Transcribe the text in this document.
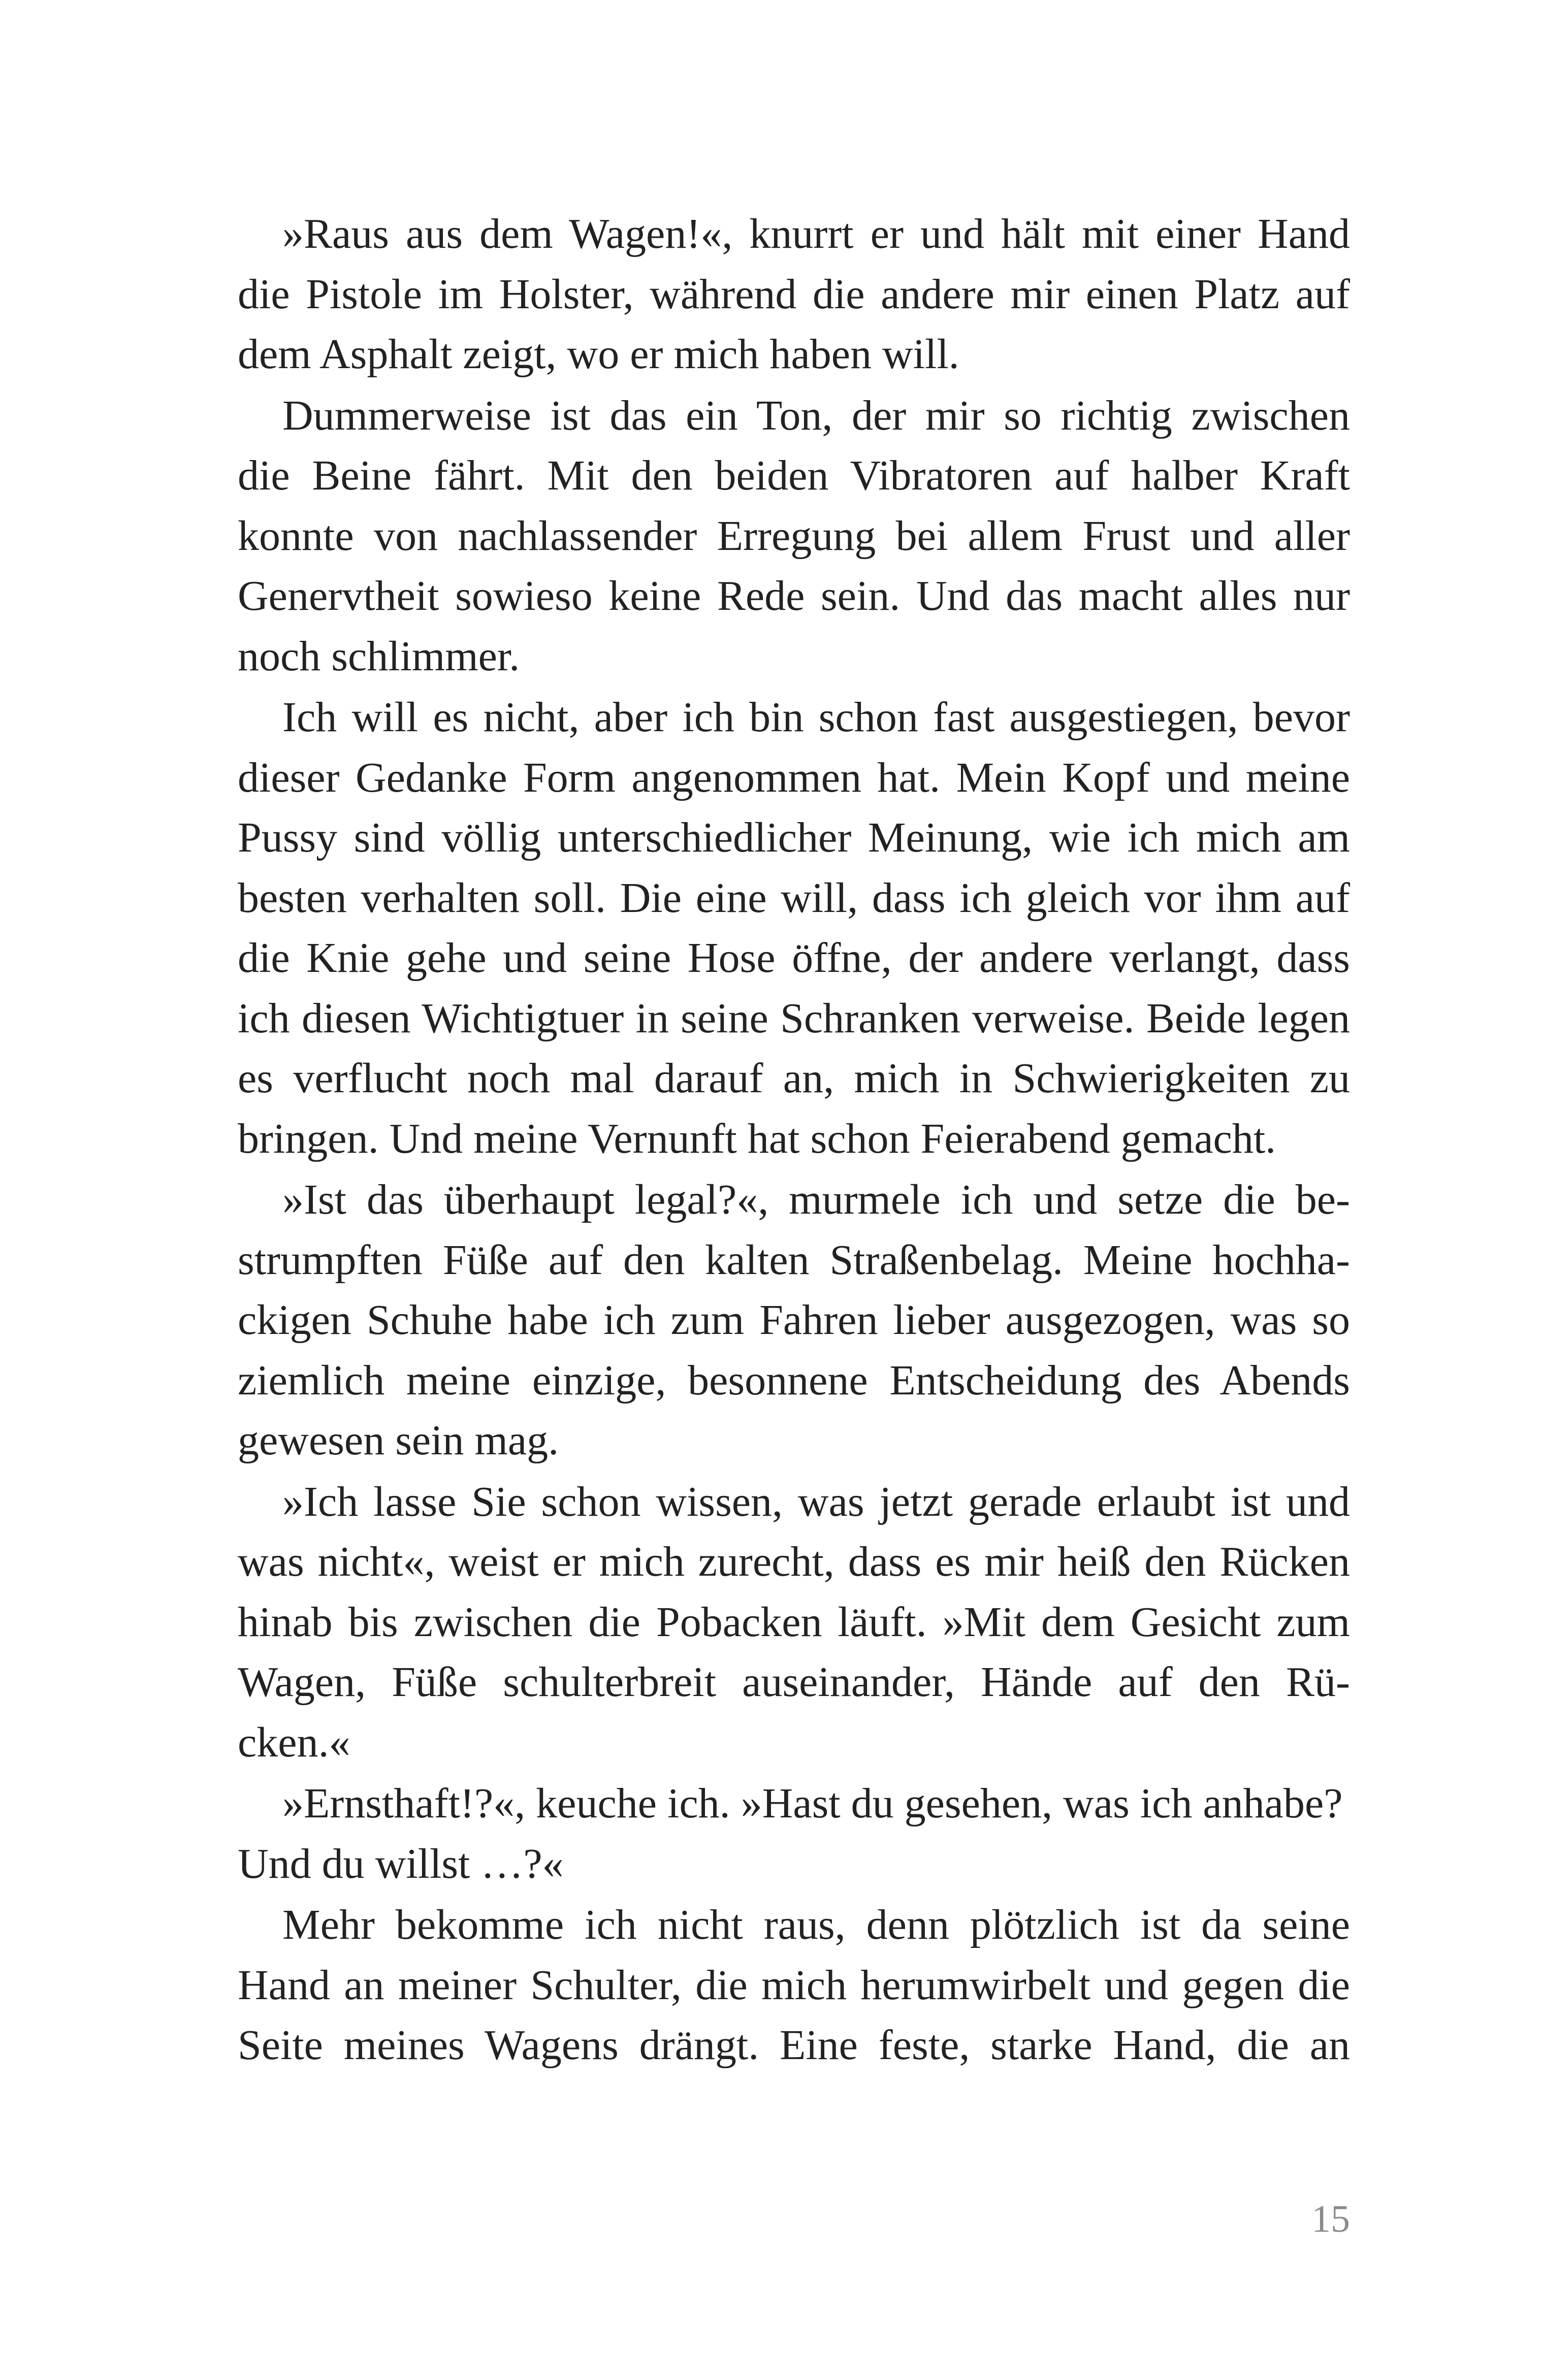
»Raus aus dem Wagen!«, knurrt er und hält mit einer Hand
die Pistole im Holster, während die andere mir einen Platz auf
dem Asphalt zeigt, wo er mich haben will.
Dummerweise ist das ein Ton, der mir so richtig zwischen
die Beine fährt. Mit den beiden Vibratoren auf halber Kraft
konnte von nachlassender Erregung bei allem Frust und aller
Genervtheit sowieso keine Rede sein. Und das macht alles nur
noch schlimmer.
Ich will es nicht, aber ich bin schon fast ausgestiegen, bevor
dieser Gedanke Form angenommen hat. Mein Kopf und meine
Pussy sind völlig unterschiedlicher Meinung, wie ich mich am
besten verhalten soll. Die eine will, dass ich gleich vor ihm auf
die Knie gehe und seine Hose öffne, der andere verlangt, dass
ich diesen Wichtigtuer in seine Schranken verweise. Beide legen
es verflucht noch mal darauf an, mich in Schwierigkeiten zu
bringen. Und meine Vernunft hat schon Feierabend gemacht.
»Ist das überhaupt legal?«, murmele ich und setze die be-
strumpften Füße auf den kalten Straßenbelag. Meine hochha-
ckigen Schuhe habe ich zum Fahren lieber ausgezogen, was so
ziemlich meine einzige, besonnene Entscheidung des Abends
gewesen sein mag.
»Ich lasse Sie schon wissen, was jetzt gerade erlaubt ist und
was nicht«, weist er mich zurecht, dass es mir heiß den Rücken
hinab bis zwischen die Pobacken läuft. »Mit dem Gesicht zum
Wagen, Füße schulterbreit auseinander, Hände auf den Rü-
cken.«
»Ernsthaft!?«, keuche ich. »Hast du gesehen, was ich anhabe?
Und du willst …?«
Mehr bekomme ich nicht raus, denn plötzlich ist da seine
Hand an meiner Schulter, die mich herumwirbelt und gegen die
Seite meines Wagens drängt. Eine feste, starke Hand, die an
15
